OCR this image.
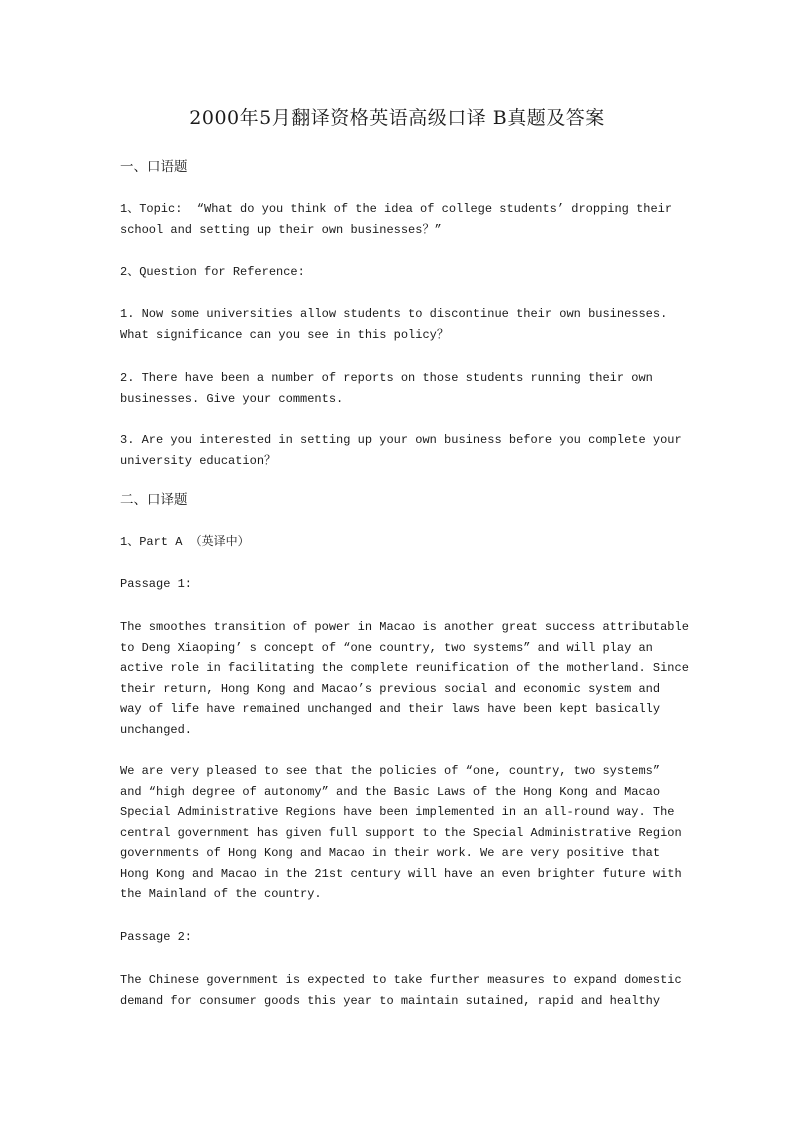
2000年5月翻译资格英语高级口译 B真题及答案
一、口语题
1、Topic:  “What do you think of the idea of college students’ dropping their
school and setting up their own businesses？”
2、Question for Reference:
1. Now some universities allow students to discontinue their own businesses.
What significance can you see in this policy？
2. There have been a number of reports on those students running their own
businesses. Give your comments.
3. Are you interested in setting up your own business before you complete your
university education？
二、口译题
1、Part A （英译中）
Passage 1:
The smoothes transition of power in Macao is another great success attributable
to Deng Xiaoping’ s concept of “one country, two systems” and will play an
active role in facilitating the complete reunification of the motherland. Since
their return, Hong Kong and Macao’s previous social and economic system and
way of life have remained unchanged and their laws have been kept basically
unchanged.
We are very pleased to see that the policies of “one, country, two systems”
and “high degree of autonomy” and the Basic Laws of the Hong Kong and Macao
Special Administrative Regions have been implemented in an all-round way. The
central government has given full support to the Special Administrative Region
governments of Hong Kong and Macao in their work. We are very positive that
Hong Kong and Macao in the 21st century will have an even brighter future with
the Mainland of the country.
Passage 2:
The Chinese government is expected to take further measures to expand domestic
demand for consumer goods this year to maintain sutained, rapid and healthy
